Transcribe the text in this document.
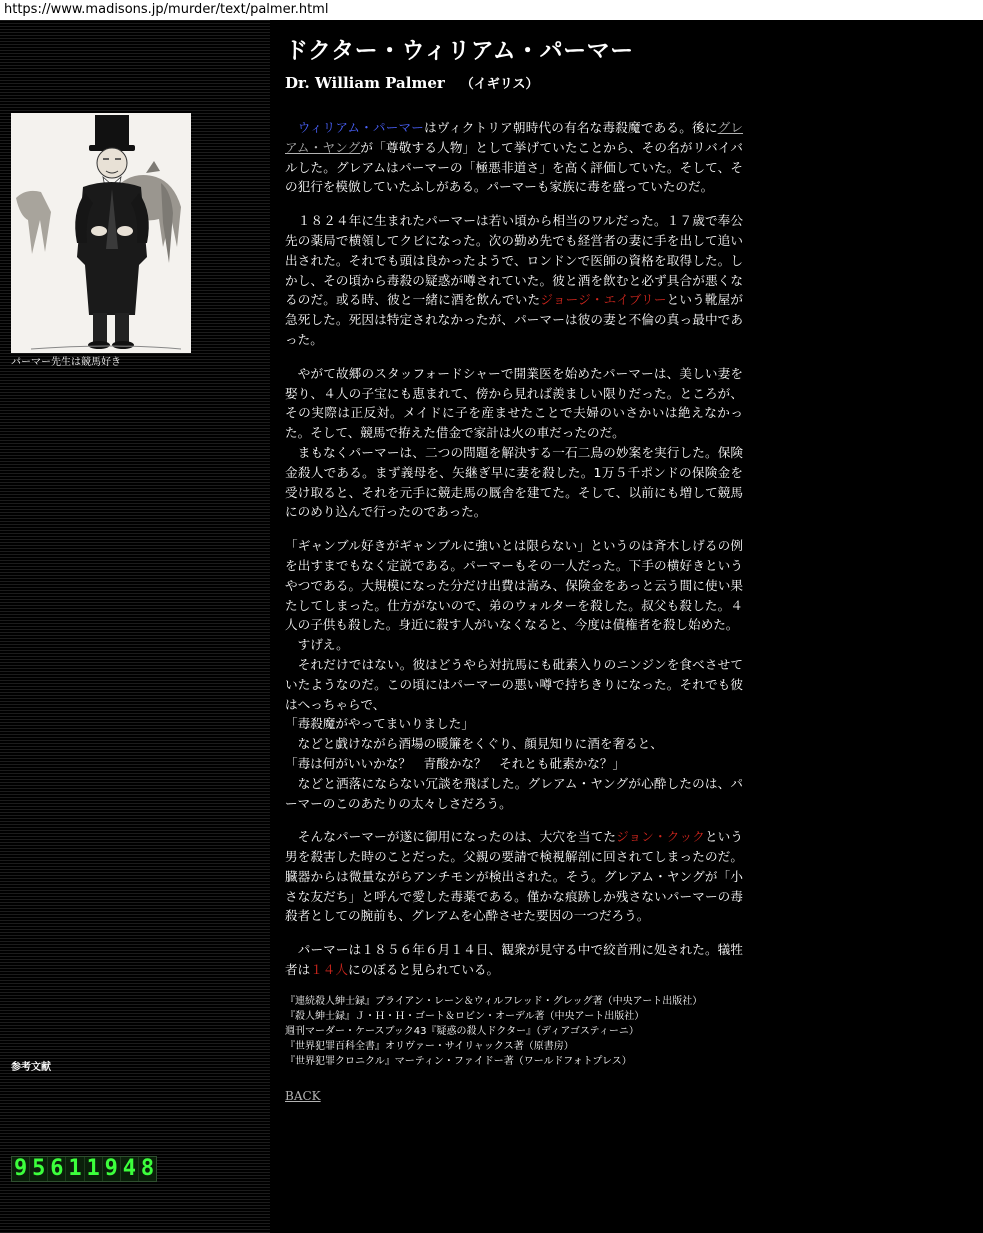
https://www.madisons.jp/murder/text/palmer.html
パーマー先生は競馬好き
参考文献
9 5 6 1 1 9 4 8
ドクター・ウィリアム・パーマー
Dr. William Palmer （イギリス）

　ウィリアム・パーマーはヴィクトリア朝時代の有名な毒殺魔である。後にグレアム・ヤングが「尊敬する人物」として挙げていたことから、その名がリバイバルした。グレアムはパーマーの「極悪非道さ」を高く評価していた。そして、その犯行を模倣していたふしがある。パーマーも家族に毒を盛っていたのだ。

　１８２４年に生まれたパーマーは若い頃から相当のワルだった。１７歳で奉公先の薬局で横領してクビになった。次の勤め先でも経営者の妻に手を出して追い出された。それでも頭は良かったようで、ロンドンで医師の資格を取得した。しかし、その頃から毒殺の疑惑が噂されていた。彼と酒を飲むと必ず具合が悪くなるのだ。或る時、彼と一緒に酒を飲んでいたジョージ・エイブリーという靴屋が急死した。死因は特定されなかったが、パーマーは彼の妻と不倫の真っ最中であった。

　やがて故郷のスタッフォードシャーで開業医を始めたパーマーは、美しい妻を娶り、４人の子宝にも恵まれて、傍から見れば羨ましい限りだった。ところが、その実際は正反対。メイドに子を産ませたことで夫婦のいさかいは絶えなかった。そして、競馬で拵えた借金で家計は火の車だったのだ。

　まもなくパーマーは、二つの問題を解決する一石二鳥の妙案を実行した。保険金殺人である。まず義母を、矢継ぎ早に妻を殺した。1万５千ポンドの保険金を受け取ると、それを元手に競走馬の厩舎を建てた。そして、以前にも増して競馬にのめり込んで行ったのであった。

「ギャンブル好きがギャンブルに強いとは限らない」というのは斉木しげるの例を出すまでもなく定説である。パーマーもその一人だった。下手の横好きというやつである。大規模になった分だけ出費は嵩み、保険金をあっと云う間に使い果たしてしまった。仕方がないので、弟のウォルターを殺した。叔父も殺した。４人の子供も殺した。身近に殺す人がいなくなると、今度は債権者を殺し始めた。

　すげえ。

　それだけではない。彼はどうやら対抗馬にも砒素入りのニンジンを食べさせていたようなのだ。この頃にはパーマーの悪い噂で持ちきりになった。それでも彼はへっちゃらで、

「毒殺魔がやってまいりました」

　などと戯けながら酒場の暖簾をくぐり、顔見知りに酒を奢ると、

「毒は何がいいかな？　青酸かな？　それとも砒素かな？」

　などと洒落にならない冗談を飛ばした。グレアム・ヤングが心酔したのは、パーマーのこのあたりの太々しさだろう。

　そんなパーマーが遂に御用になったのは、大穴を当てたジョン・クックという男を殺害した時のことだった。父親の要請で検視解剖に回されてしまったのだ。臓器からは微量ながらアンチモンが検出された。そう。グレアム・ヤングが「小さな友だち」と呼んで愛した毒薬である。僅かな痕跡しか残さないパーマーの毒殺者としての腕前も、グレアムを心酔させた要因の一つだろう。

　パーマーは１８５６年６月１４日、観衆が見守る中で絞首刑に処された。犠牲者は１４人にのぼると見られている。

『連続殺人紳士録』ブライアン・レーン＆ウィルフレッド・グレッグ著（中央アート出版社）
『殺人紳士録』Ｊ・Ｈ・Ｈ・ゴート＆ロビン・オーデル著（中央アート出版社）
週刊マーダー・ケースブック43『疑惑の殺人ドクター』（ディアゴスティーニ）
『世界犯罪百科全書』オリヴァー・サイリャックス著（原書房）
『世界犯罪クロニクル』マーティン・ファイドー著（ワールドフォトプレス）
BACK
